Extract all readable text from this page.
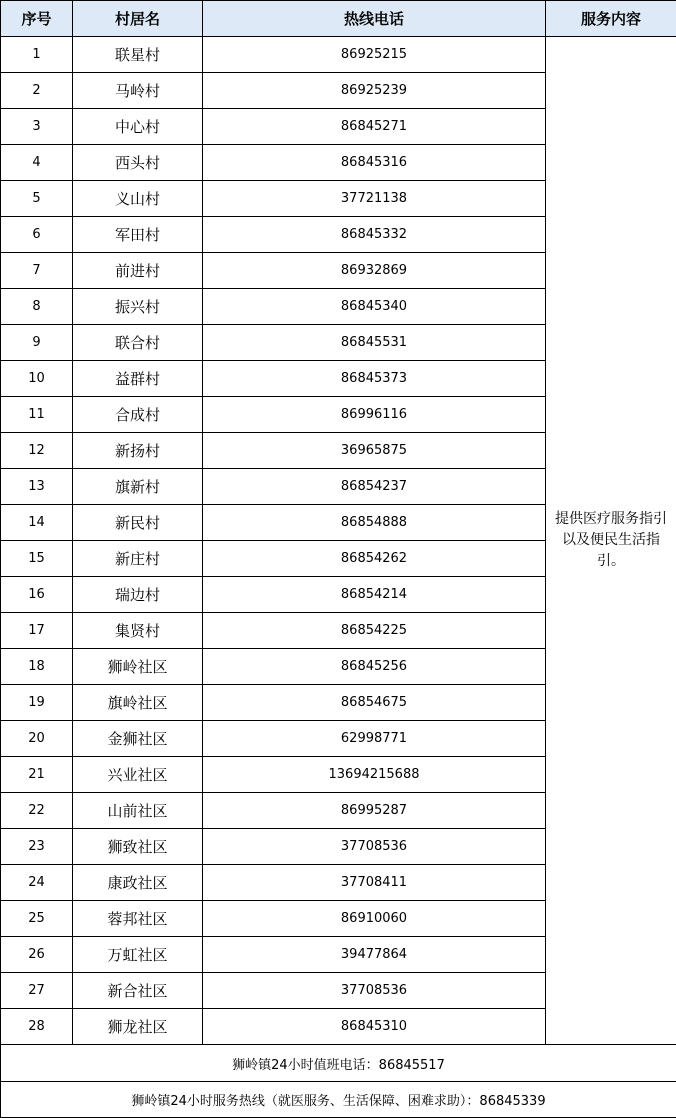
序号	村居名	热线电话	服务内容
1	联星村	86925215	提供医疗服务指引以及便民生活指引。
2	马岭村	86925239	
3	中心村	86845271	
4	西头村	86845316	
5	义山村	37721138	
6	军田村	86845332	
7	前进村	86932869	
8	振兴村	86845340	
9	联合村	86845531	
10	益群村	86845373	
11	合成村	86996116	
12	新扬村	36965875	
13	旗新村	86854237	
14	新民村	86854888	
15	新庄村	86854262	
16	瑞边村	86854214	
17	集贤村	86854225	
18	狮岭社区	86845256	
19	旗岭社区	86854675	
20	金狮社区	62998771	
21	兴业社区	13694215688	
22	山前社区	86995287	
23	狮致社区	37708536	
24	康政社区	37708411	
25	蓉邦社区	86910060	
26	万虹社区	39477864	
27	新合社区	37708536	
28	狮龙社区	86845310	
狮岭镇24小时值班电话：86845517			
狮岭镇24小时服务热线（就医服务、生活保障、困难求助）：86845339			
